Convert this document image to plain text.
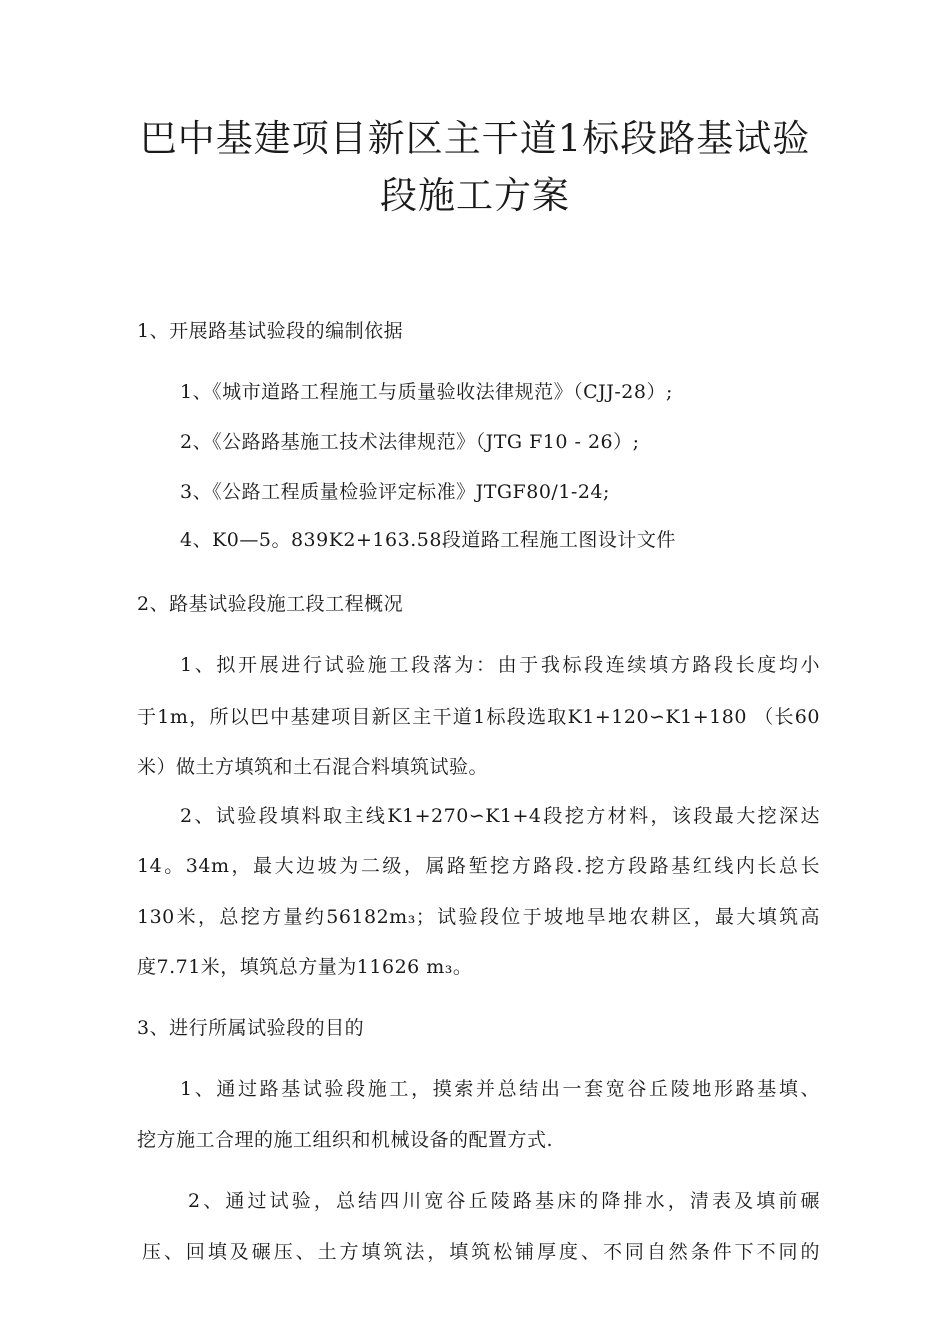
巴中基建项目新区主干道1标段路基试验
段施工方案
1、开展路基试验段的编制依据
1、《城市道路工程施工与质量验收法律规范》（CJJ-28）;
2、《公路路基施工技术法律规范》（JTG F10 - 26）;
3、《公路工程质量检验评定标准》JTGF80/1-24;
4、K0—5。839K2+163.58段道路工程施工图设计文件
2、路基试验段施工段工程概况
1、拟开展进行试验施工段落为：由于我标段连续填方路段长度均小
于1m，所以巴中基建项目新区主干道1标段选取K1+120∽K1+180 （长60
米）做土方填筑和土石混合料填筑试验。
2、试验段填料取主线K1+270∽K1+4段挖方材料，该段最大挖深达
14。34m，最大边坡为二级，属路堑挖方路段.挖方段路基红线内长总长
130米，总挖方量约56182m₃；试验段位于坡地旱地农耕区，最大填筑高
度7.71米，填筑总方量为11626 m₃。
3、进行所属试验段的目的
1、通过路基试验段施工，摸索并总结出一套宽谷丘陵地形路基填、
挖方施工合理的施工组织和机械设备的配置方式.
2、通过试验，总结四川宽谷丘陵路基床的降排水，清表及填前碾
压、回填及碾压、土方填筑法，填筑松铺厚度、不同自然条件下不同的
